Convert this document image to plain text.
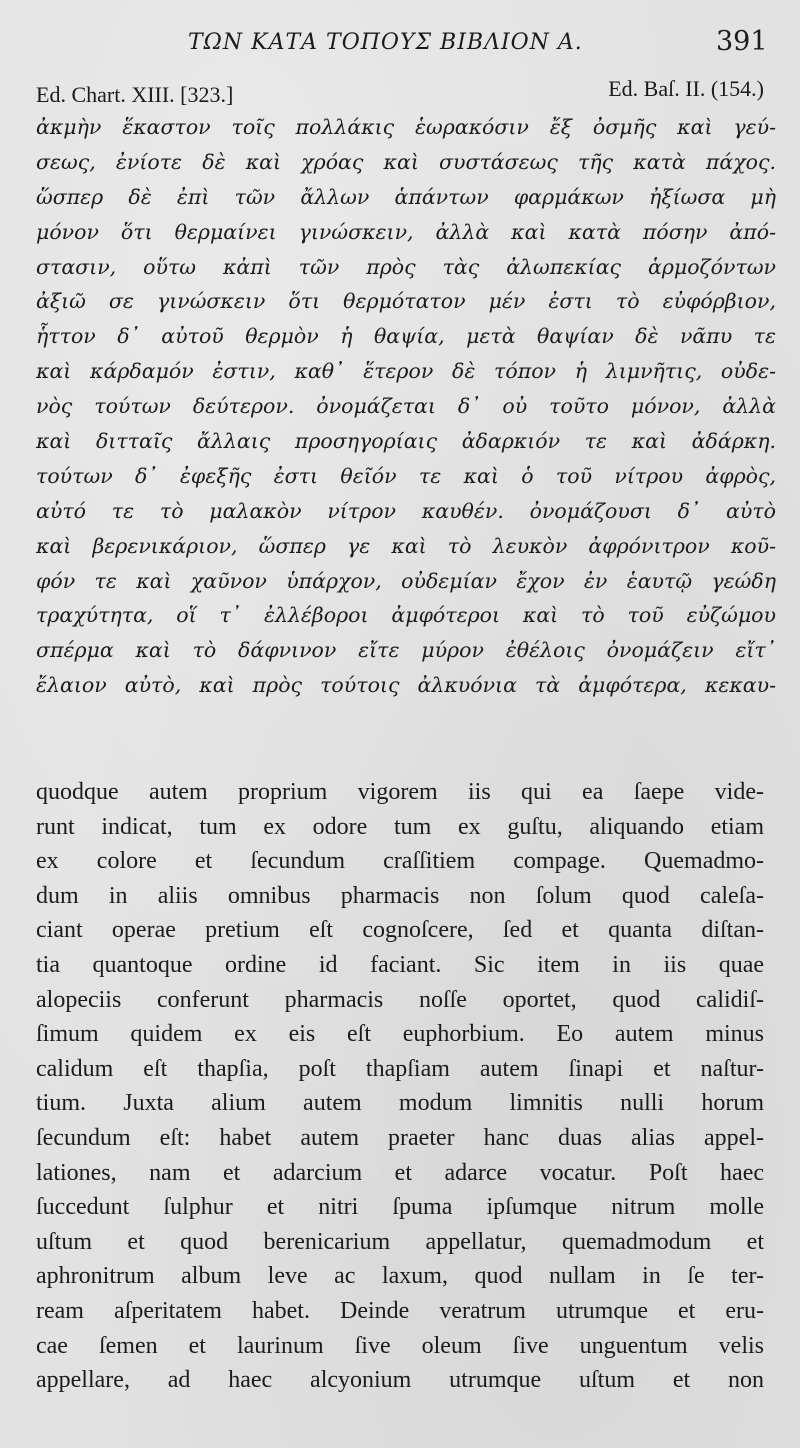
ΤΩΝ ΚΑΤΑ ΤΟΠΟΥΣ ΒΙΒΛΙΟΝ Α.	391
Ed. Chart. XIII. [323.]	Ed. Baſ. II. (154.)
ἀκμὴν ἕκαστον τοῖς πολλάκις ἑωρακόσιν ἔξ ὀσμῆς καὶ γεύ-
σεως, ἐνίοτε δὲ καὶ χρόας καὶ συστάσεως τῆς κατὰ πάχος.
ὥσπερ δὲ ἐπὶ τῶν ἄλλων ἁπάντων φαρμάκων ἠξίωσα μὴ
μόνον ὅτι θερμαίνει γινώσκειν, ἀλλὰ καὶ κατὰ πόσην ἀπό-
στασιν, οὕτω κἀπὶ τῶν πρὸς τὰς ἀλωπεκίας ἁρμοζόντων
ἀξιῶ σε γινώσκειν ὅτι θερμότατον μέν ἐστι τὸ εὐφόρβιον,
ἧττον δ᾽ αὐτοῦ θερμὸν ἡ θαψία, μετὰ θαψίαν δὲ νᾶπυ τε
καὶ κάρδαμόν ἐστιν, καθ᾽ ἕτερον δὲ τόπον ἡ λιμνῆτις, οὐδε-
νὸς τούτων δεύτερον. ὀνομάζεται δ᾽ οὐ τοῦτο μόνον, ἀλλὰ
καὶ διτταῖς ἄλλαις προσηγορίαις ἀδαρκιόν τε καὶ ἀδάρκη.
τούτων δ᾽ ἐφεξῆς ἐστι θεῖόν τε καὶ ὁ τοῦ νίτρου ἀφρὸς,
αὐτό τε τὸ μαλακὸν νίτρον καυθέν. ὀνομάζουσι δ᾽ αὐτὸ
καὶ βερενικάριον, ὥσπερ γε καὶ τὸ λευκὸν ἀφρόνιτρον κοῦ-
φόν τε καὶ χαῦνον ὑπάρχον, οὐδεμίαν ἔχον ἐν ἑαυτῷ γεώδη
τραχύτητα, οἵ τ᾽ ἐλλέβοροι ἀμφότεροι καὶ τὸ τοῦ εὐζώμου
σπέρμα καὶ τὸ δάφνινον εἴτε μύρον ἐθέλοις ὀνομάζειν εἴτ᾽
ἔλαιον αὐτὸ, καὶ πρὸς τούτοις ἀλκυόνια τὰ ἀμφότερα, κεκαυ-
quodque autem proprium vigorem iis qui ea ſaepe vide-
runt indicat, tum ex odore tum ex guſtu, aliquando etiam
ex colore et ſecundum craſſitiem compage. Quemadmo-
dum in aliis omnibus pharmacis non ſolum quod caleſa-
ciant operae pretium eſt cognoſcere, ſed et quanta diſtan-
tia quantoque ordine id faciant. Sic item in iis quae
alopeciis conferunt pharmacis noſſe oportet, quod calidiſ-
ſimum quidem ex eis eſt euphorbium. Eo autem minus
calidum eſt thapſia, poſt thapſiam autem ſinapi et naſtur-
tium. Juxta alium autem modum limnitis nulli horum
ſecundum eſt: habet autem praeter hanc duas alias appel-
lationes, nam et adarcium et adarce vocatur. Poſt haec
ſuccedunt ſulphur et nitri ſpuma ipſumque nitrum molle
uſtum et quod berenicarium appellatur, quemadmodum et
aphronitrum album leve ac laxum, quod nullam in ſe ter-
ream aſperitatem habet. Deinde veratrum utrumque et eru-
cae ſemen et laurinum ſive oleum ſive unguentum velis
appellare, ad haec alcyonium utrumque uſtum et non
